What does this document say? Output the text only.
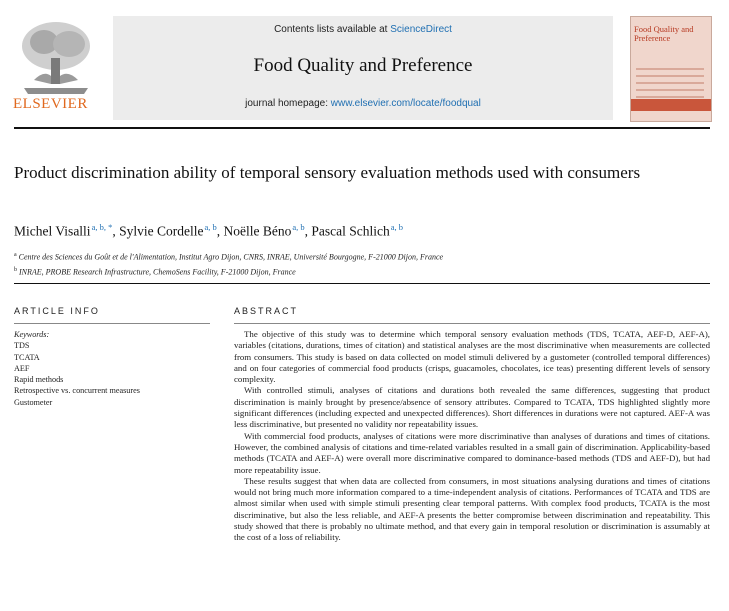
ELSEVIER
Contents lists available at ScienceDirect
Food Quality and Preference
journal homepage: www.elsevier.com/locate/foodqual
Food Quality and Preference
Product discrimination ability of temporal sensory evaluation methods used with consumers
Michel Visalli$^{a, b, *}$, Sylvie Cordelle$^{a, b}$, Noëlle Béno$^{a, b}$, Pascal Schlich$^{a, b}$
$^a$ Centre des Sciences du Goût et de l'Alimentation, Institut Agro Dijon, CNRS, INRAE, Université Bourgogne, F-21000 Dijon, France
$^b$ INRAE, PROBE Research Infrastructure, ChemoSens Facility, F-21000 Dijon, France
ARTICLE INFO
Keywords:
TDS
TCATA
AEF
Rapid methods
Retrospective vs. concurrent measures
Gustometer
ABSTRACT

The objective of this study was to determine which temporal sensory evaluation methods (TDS, TCATA, AEF-D, AEF-A), variables (citations, durations, times of citation) and statistical analyses are the most discriminative when measurements are collected from consumers. This study is based on data collected on model stimuli delivered by a gustometer (controlled temporal differences) and on four categories of commercial food products (crisps, guacamoles, chocolates, ice teas) presenting different levels of sensory complexity.

With controlled stimuli, analyses of citations and durations both revealed the same differences, suggesting that product discrimination is mainly brought by presence/absence of sensory attributes. Compared to TCATA, TDS highlighted slightly more significant differences (including expected and unexpected differences). Short differences in durations were not captured. AEF-A was less discriminative, but presented no validity nor repeatability issues.

With commercial food products, analyses of citations were more discriminative than analyses of durations and times of citations. However, the combined analysis of citations and time-related variables resulted in a small gain of discrimination. Applicability-based methods (TCATA and AEF-A) were overall more discriminative compared to dominance-based methods (TDS and AEF-D), but had more repeatability issue.

These results suggest that when data are collected from consumers, in most situations analysing durations and times of citations would not bring much more information compared to a time-independent analysis of citations. Performances of TCATA and TDS are almost similar when used with simple stimuli presenting clear temporal patterns. With complex food products, TCATA is the most discriminative, but also the less reliable, and AEF-A presents the better compromise between discrimination and repeatability. This study showed that there is probably no ultimate method, and that every gain in temporal resolution or discrimination is assumably at the cost of a loss of reliability.
